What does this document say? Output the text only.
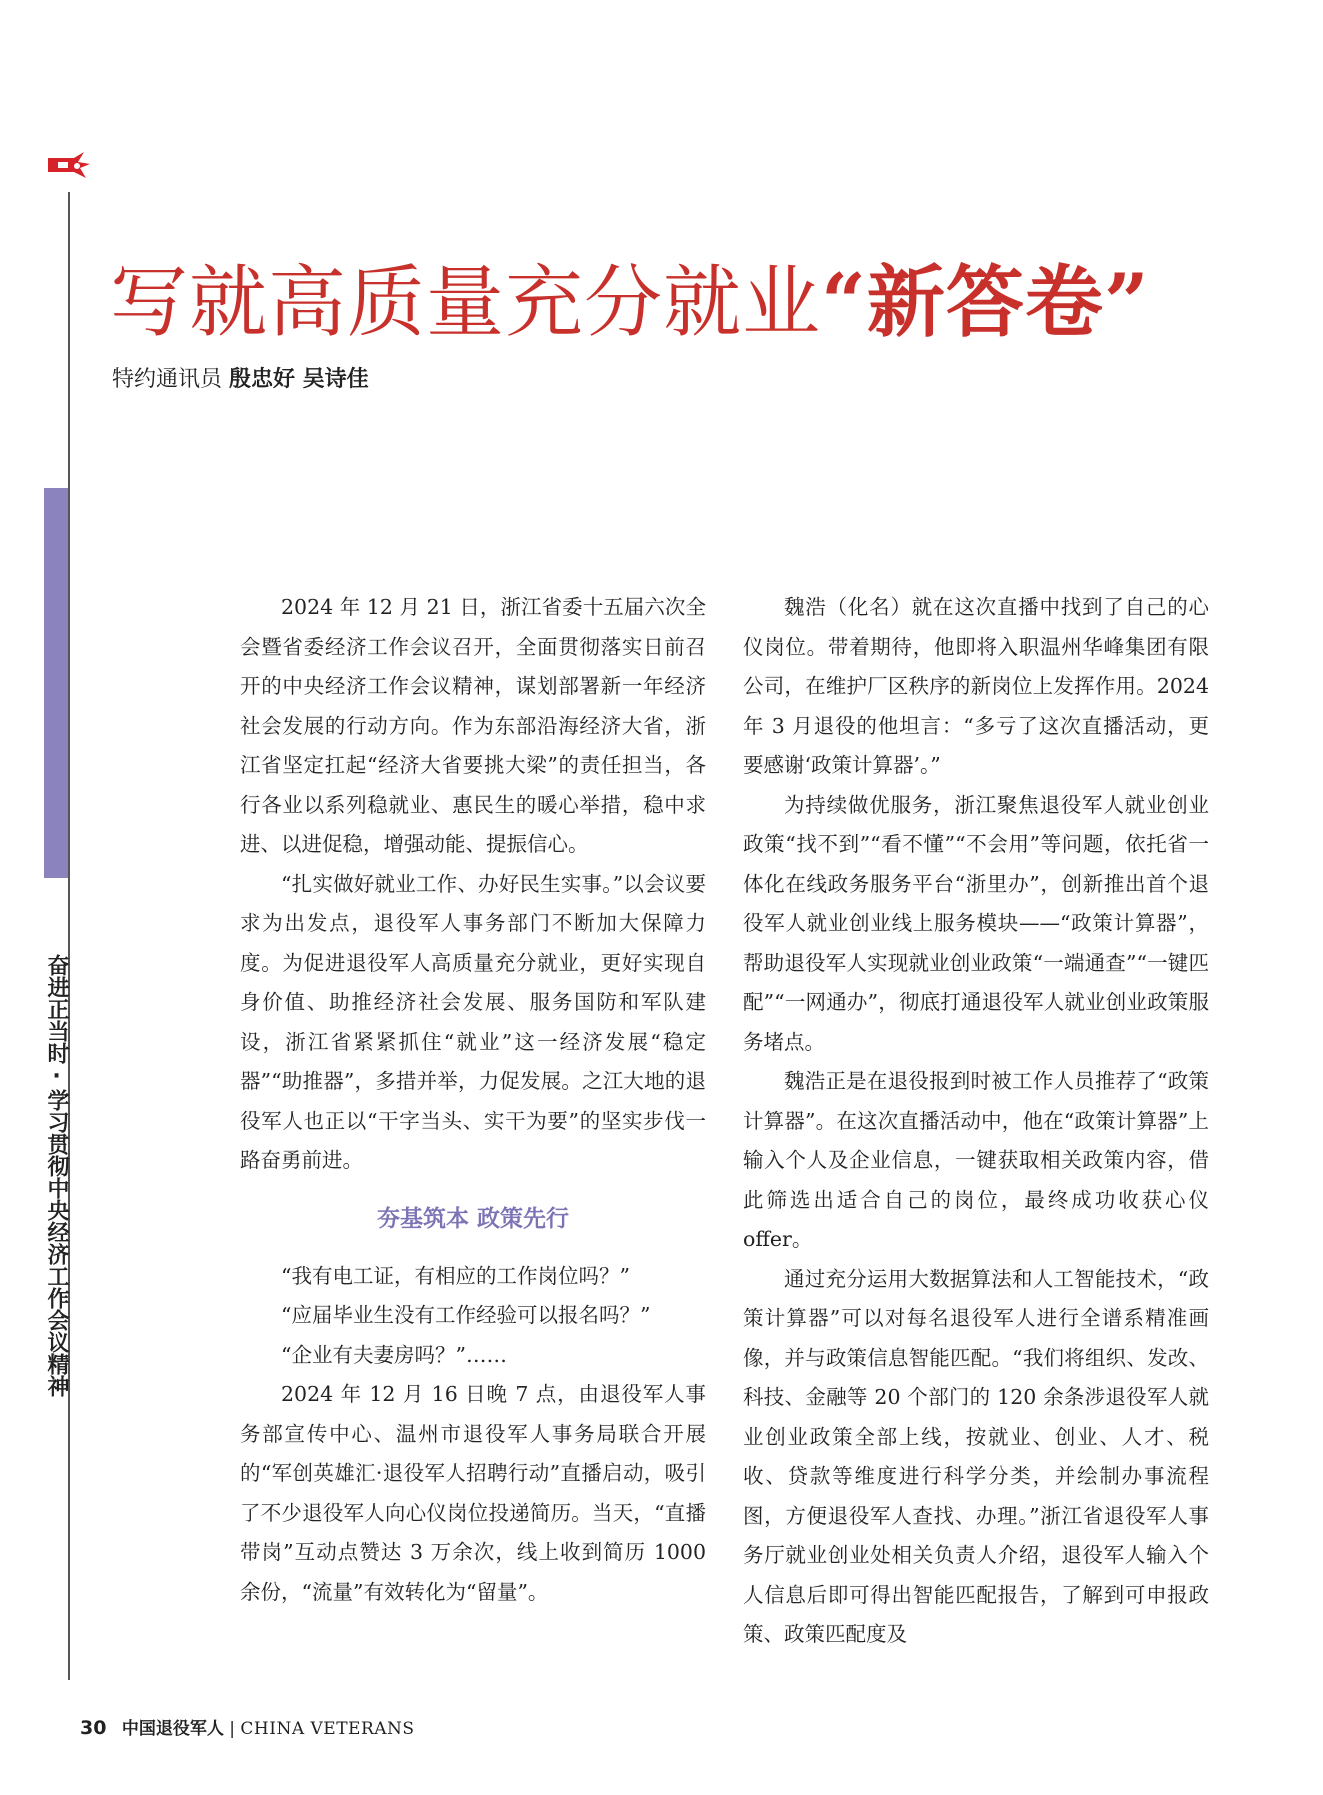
奋进正当时·学习贯彻中央经济工作会议精神
写就高质量充分就业“新答卷”
特约通讯员 殷忠好 吴诗佳

2024 年 12 月 21 日，浙江省委十五届六次全会暨省委经济工作会议召开，全面贯彻落实日前召开的中央经济工作会议精神，谋划部署新一年经济社会发展的行动方向。作为东部沿海经济大省，浙江省坚定扛起“经济大省要挑大梁”的责任担当，各行各业以系列稳就业、惠民生的暖心举措，稳中求进、以进促稳，增强动能、提振信心。

“扎实做好就业工作、办好民生实事。”以会议要求为出发点，退役军人事务部门不断加大保障力度。为促进退役军人高质量充分就业，更好实现自身价值、助推经济社会发展、服务国防和军队建设，浙江省紧紧抓住“就业”这一经济发展“稳定器”“助推器”，多措并举，力促发展。之江大地的退役军人也正以“干字当头、实干为要”的坚实步伐一路奋勇前进。

夯基筑本 政策先行

“我有电工证，有相应的工作岗位吗？”

“应届毕业生没有工作经验可以报名吗？”

“企业有夫妻房吗？”……

2024 年 12 月 16 日晚 7 点，由退役军人事务部宣传中心、温州市退役军人事务局联合开展的“军创英雄汇·退役军人招聘行动”直播启动，吸引了不少退役军人向心仪岗位投递简历。当天，“直播带岗”互动点赞达 3 万余次，线上收到简历 1000 余份，“流量”有效转化为“留量”。

魏浩（化名）就在这次直播中找到了自己的心仪岗位。带着期待，他即将入职温州华峰集团有限公司，在维护厂区秩序的新岗位上发挥作用。2024 年 3 月退役的他坦言：“多亏了这次直播活动，更要感谢‘政策计算器’。”

为持续做优服务，浙江聚焦退役军人就业创业政策“找不到”“看不懂”“不会用”等问题，依托省一体化在线政务服务平台“浙里办”，创新推出首个退役军人就业创业线上服务模块——“政策计算器”，帮助退役军人实现就业创业政策“一端通查”“一键匹配”“一网通办”，彻底打通退役军人就业创业政策服务堵点。

魏浩正是在退役报到时被工作人员推荐了“政策计算器”。在这次直播活动中，他在“政策计算器”上输入个人及企业信息，一键获取相关政策内容，借此筛选出适合自己的岗位，最终成功收获心仪 offer。

通过充分运用大数据算法和人工智能技术，“政策计算器”可以对每名退役军人进行全谱系精准画像，并与政策信息智能匹配。“我们将组织、发改、科技、金融等 20 个部门的 120 余条涉退役军人就业创业政策全部上线，按就业、创业、人才、税收、贷款等维度进行科学分类，并绘制办事流程图，方便退役军人查找、办理。”浙江省退役军人事务厅就业创业处相关负责人介绍，退役军人输入个人信息后即可得出智能匹配报告，了解到可申报政策、政策匹配度及

30 中国退役军人 | CHINA VETERANS
